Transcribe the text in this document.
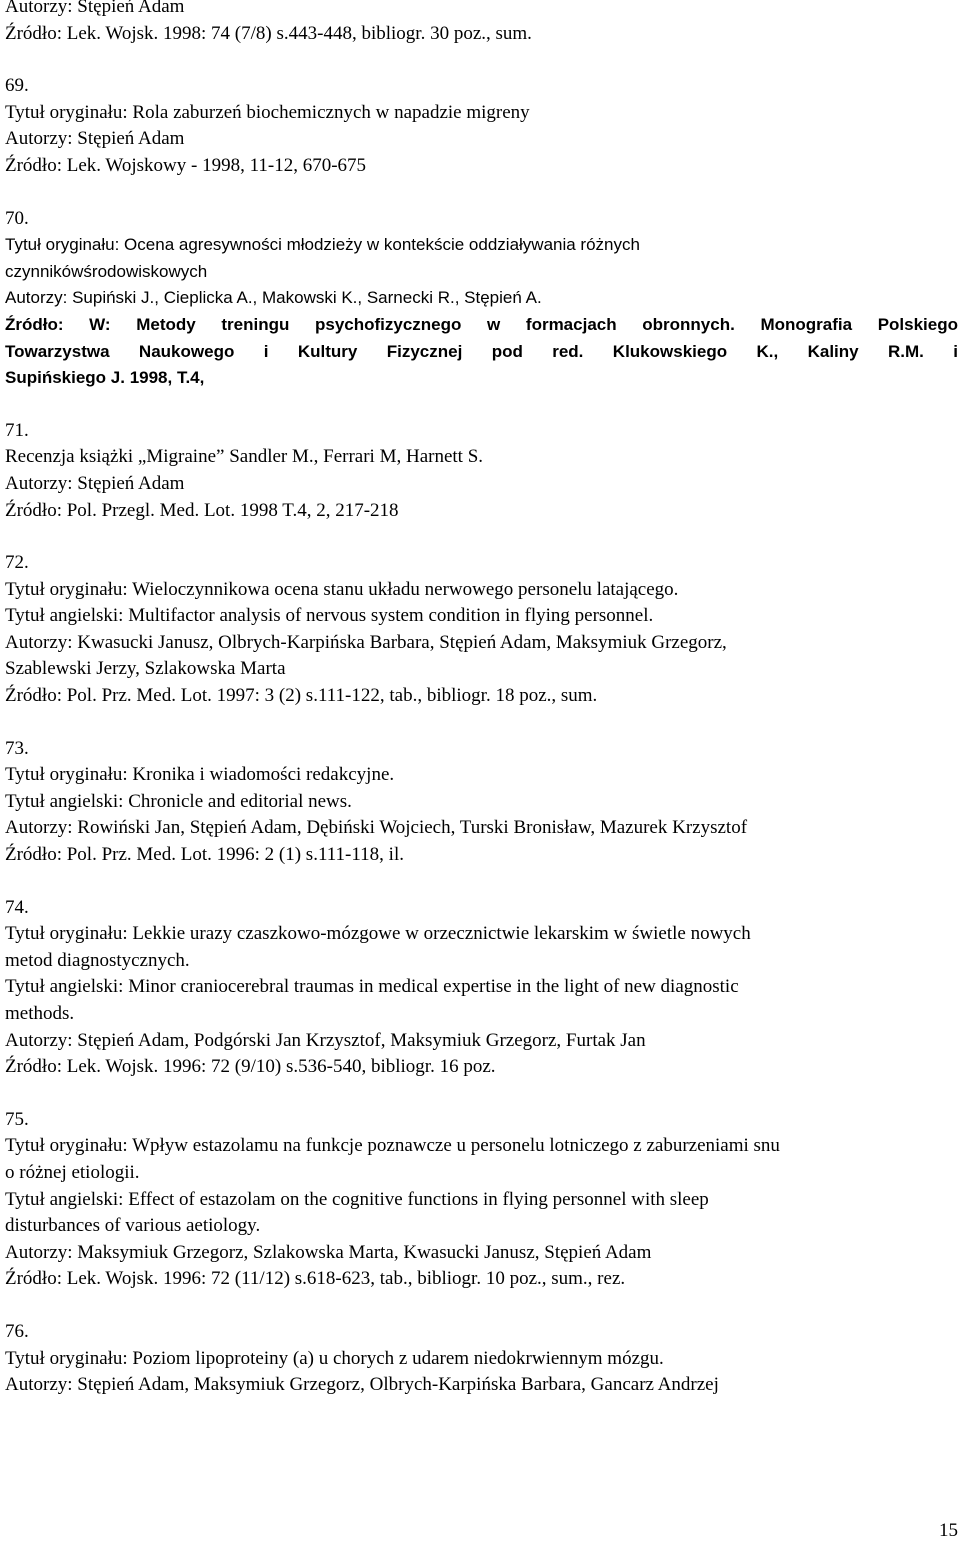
Autorzy: Stępień Adam
Źródło: Lek. Wojsk. 1998: 74 (7/8) s.443-448, bibliogr. 30 poz., sum.
69.
Tytuł oryginału: Rola zaburzeń biochemicznych w napadzie migreny
Autorzy: Stępień Adam
Źródło: Lek. Wojskowy - 1998, 11-12, 670-675
70.
Tytuł oryginału: Ocena agresywności młodzieży w kontekście oddziaływania różnych
czynnikówśrodowiskowych
Autorzy: Supiński J., Cieplicka A., Makowski K., Sarnecki R., Stępień A.
Źródło: W: Metody treningu psychofizycznego w formacjach obronnych. Monografia Polskiego
Towarzystwa Naukowego i Kultury Fizycznej pod red. Klukowskiego K., Kaliny R.M. i
Supińskiego J. 1998, T.4,
71.
Recenzja książki „Migraine” Sandler M., Ferrari M, Harnett S.
Autorzy: Stępień Adam
Źródło: Pol. Przegl. Med. Lot. 1998 T.4, 2, 217-218
72.
Tytuł oryginału: Wieloczynnikowa ocena stanu układu nerwowego personelu latającego.
Tytuł angielski: Multifactor analysis of nervous system condition in flying personnel.
Autorzy: Kwasucki Janusz, Olbrych-Karpińska Barbara, Stępień Adam, Maksymiuk Grzegorz,
Szablewski Jerzy, Szlakowska Marta
Źródło: Pol. Prz. Med. Lot. 1997: 3 (2) s.111-122, tab., bibliogr. 18 poz., sum.
73.
Tytuł oryginału: Kronika i wiadomości redakcyjne.
Tytuł angielski: Chronicle and editorial news.
Autorzy: Rowiński Jan, Stępień Adam, Dębiński Wojciech, Turski Bronisław, Mazurek Krzysztof
Źródło: Pol. Prz. Med. Lot. 1996: 2 (1) s.111-118, il.
74.
Tytuł oryginału: Lekkie urazy czaszkowo-mózgowe w orzecznictwie lekarskim w świetle nowych
metod diagnostycznych.
Tytuł angielski: Minor craniocerebral traumas in medical expertise in the light of new diagnostic
methods.
Autorzy: Stępień Adam, Podgórski Jan Krzysztof, Maksymiuk Grzegorz, Furtak Jan
Źródło: Lek. Wojsk. 1996: 72 (9/10) s.536-540, bibliogr. 16 poz.
75.
Tytuł oryginału: Wpływ estazolamu na funkcje poznawcze u personelu lotniczego z zaburzeniami snu
o różnej etiologii.
Tytuł angielski: Effect of estazolam on the cognitive functions in flying personnel with sleep
disturbances of various aetiology.
Autorzy: Maksymiuk Grzegorz, Szlakowska Marta, Kwasucki Janusz, Stępień Adam
Źródło: Lek. Wojsk. 1996: 72 (11/12) s.618-623, tab., bibliogr. 10 poz., sum., rez.
76.
Tytuł oryginału: Poziom lipoproteiny (a) u chorych z udarem niedokrwiennym mózgu.
Autorzy: Stępień Adam, Maksymiuk Grzegorz, Olbrych-Karpińska Barbara, Gancarz Andrzej
15
